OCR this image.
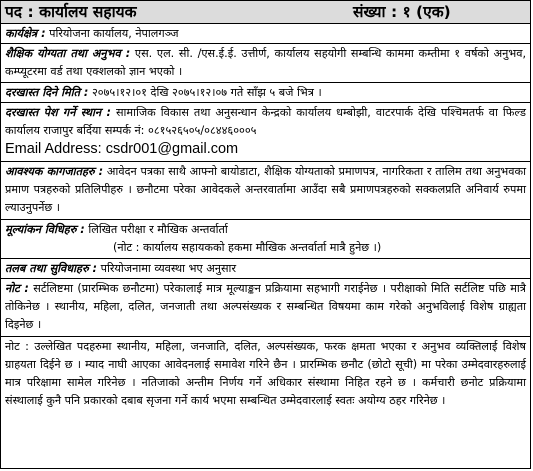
पद : कार्यालय सहायक	संख्या : १ (एक)
कार्यक्षेत्र : परियोजना कार्यालय, नेपालगञ्ज
शैक्षिक योग्यता तथा अनुभव : एस. एल. सी. /एस.ई.ई. उत्तीर्ण, कार्यालय सहयोगी सम्बन्धि काममा कम्तीमा १ वर्षको अनुभव, कम्प्यूटरमा वर्ड तथा एक्शलको ज्ञान भएको ।
दरखास्त दिने मिति : २०७५।१२।०१ देखि २०७५।१२।०७ गते साँझ ५ बजे भित्र ।
दरखास्त पेश गर्ने स्थान : सामाजिक विकास तथा अनुसन्धान केन्द्रको कार्यालय धम्बोझी, वाटरपार्क देखि पश्चिमतर्फ वा फिल्ड कार्यालय राजापुर बर्दिया सम्पर्क नं: ०८१५२६५०५/०८४४६०००५
Email Address: csdr001@gmail.com
आवश्यक कागजातहरु : आवेदन पत्रका साथै आफ्नो बायोडाटा, शैक्षिक योग्यताको प्रमाणपत्र, नागरिकता र तालिम तथा अनुभवका प्रमाण पत्रहरुको प्रतिलिपीहरु । छनौटमा परेका आवेदकले अन्तरवार्तामा आउँदा सबै प्रमाणपत्रहरुको सक्कलप्रति अनिवार्य रुपमा ल्याउनुपर्नेछ ।
मूल्यांकन विधिहरु : लिखित परीक्षा र मौखिक अन्तर्वार्ता
(नोट : कार्यालय सहायकको हकमा मौखिक अन्तर्वार्ता मात्रै हुनेछ ।)
तलब तथा सुविधाहरु : परियोजनामा व्यवस्था भए अनुसार
नोट : सर्टलिष्टमा (प्रारम्भिक छनौटमा) परेकालाई मात्र मूल्याङ्कन प्रक्रियामा सहभागी गराईनेछ । परीक्षाको मिति सर्टलिष्ट पछि मात्रै तोकिनेछ । स्थानीय, महिला, दलित, जनजाती तथा अल्पसंख्यक र सम्बन्धित विषयमा काम गरेको अनुभविलाई विशेष ग्राह्यता दिइनेछ ।
नोट : उल्लेखित पदहरुमा स्थानीय, महिला, जनजाति, दलित, अल्पसंख्यक, फरक क्षमता भएका र अनुभव व्यक्तिलाई विशेष ग्राहयता दिईने छ । म्याद नाघी आएका आवेदनलाई समावेश गरिने छैन । प्रारम्भिक छनौट (छोटो सूची) मा परेका उम्मेदवारहरुलाई मात्र परिक्षामा सामेल गरिनेछ । नतिजाको अन्तीम निर्णय गर्ने अधिकार संस्थामा निहित रहने छ । कर्मचारी छनोट प्रक्रियामा संस्थालाई कुनै पनि प्रकारको दबाब सृजना गर्ने कार्य भएमा सम्बन्धित उम्मेदवारलाई स्वतः अयोग्य ठहर गरिनेछ ।
